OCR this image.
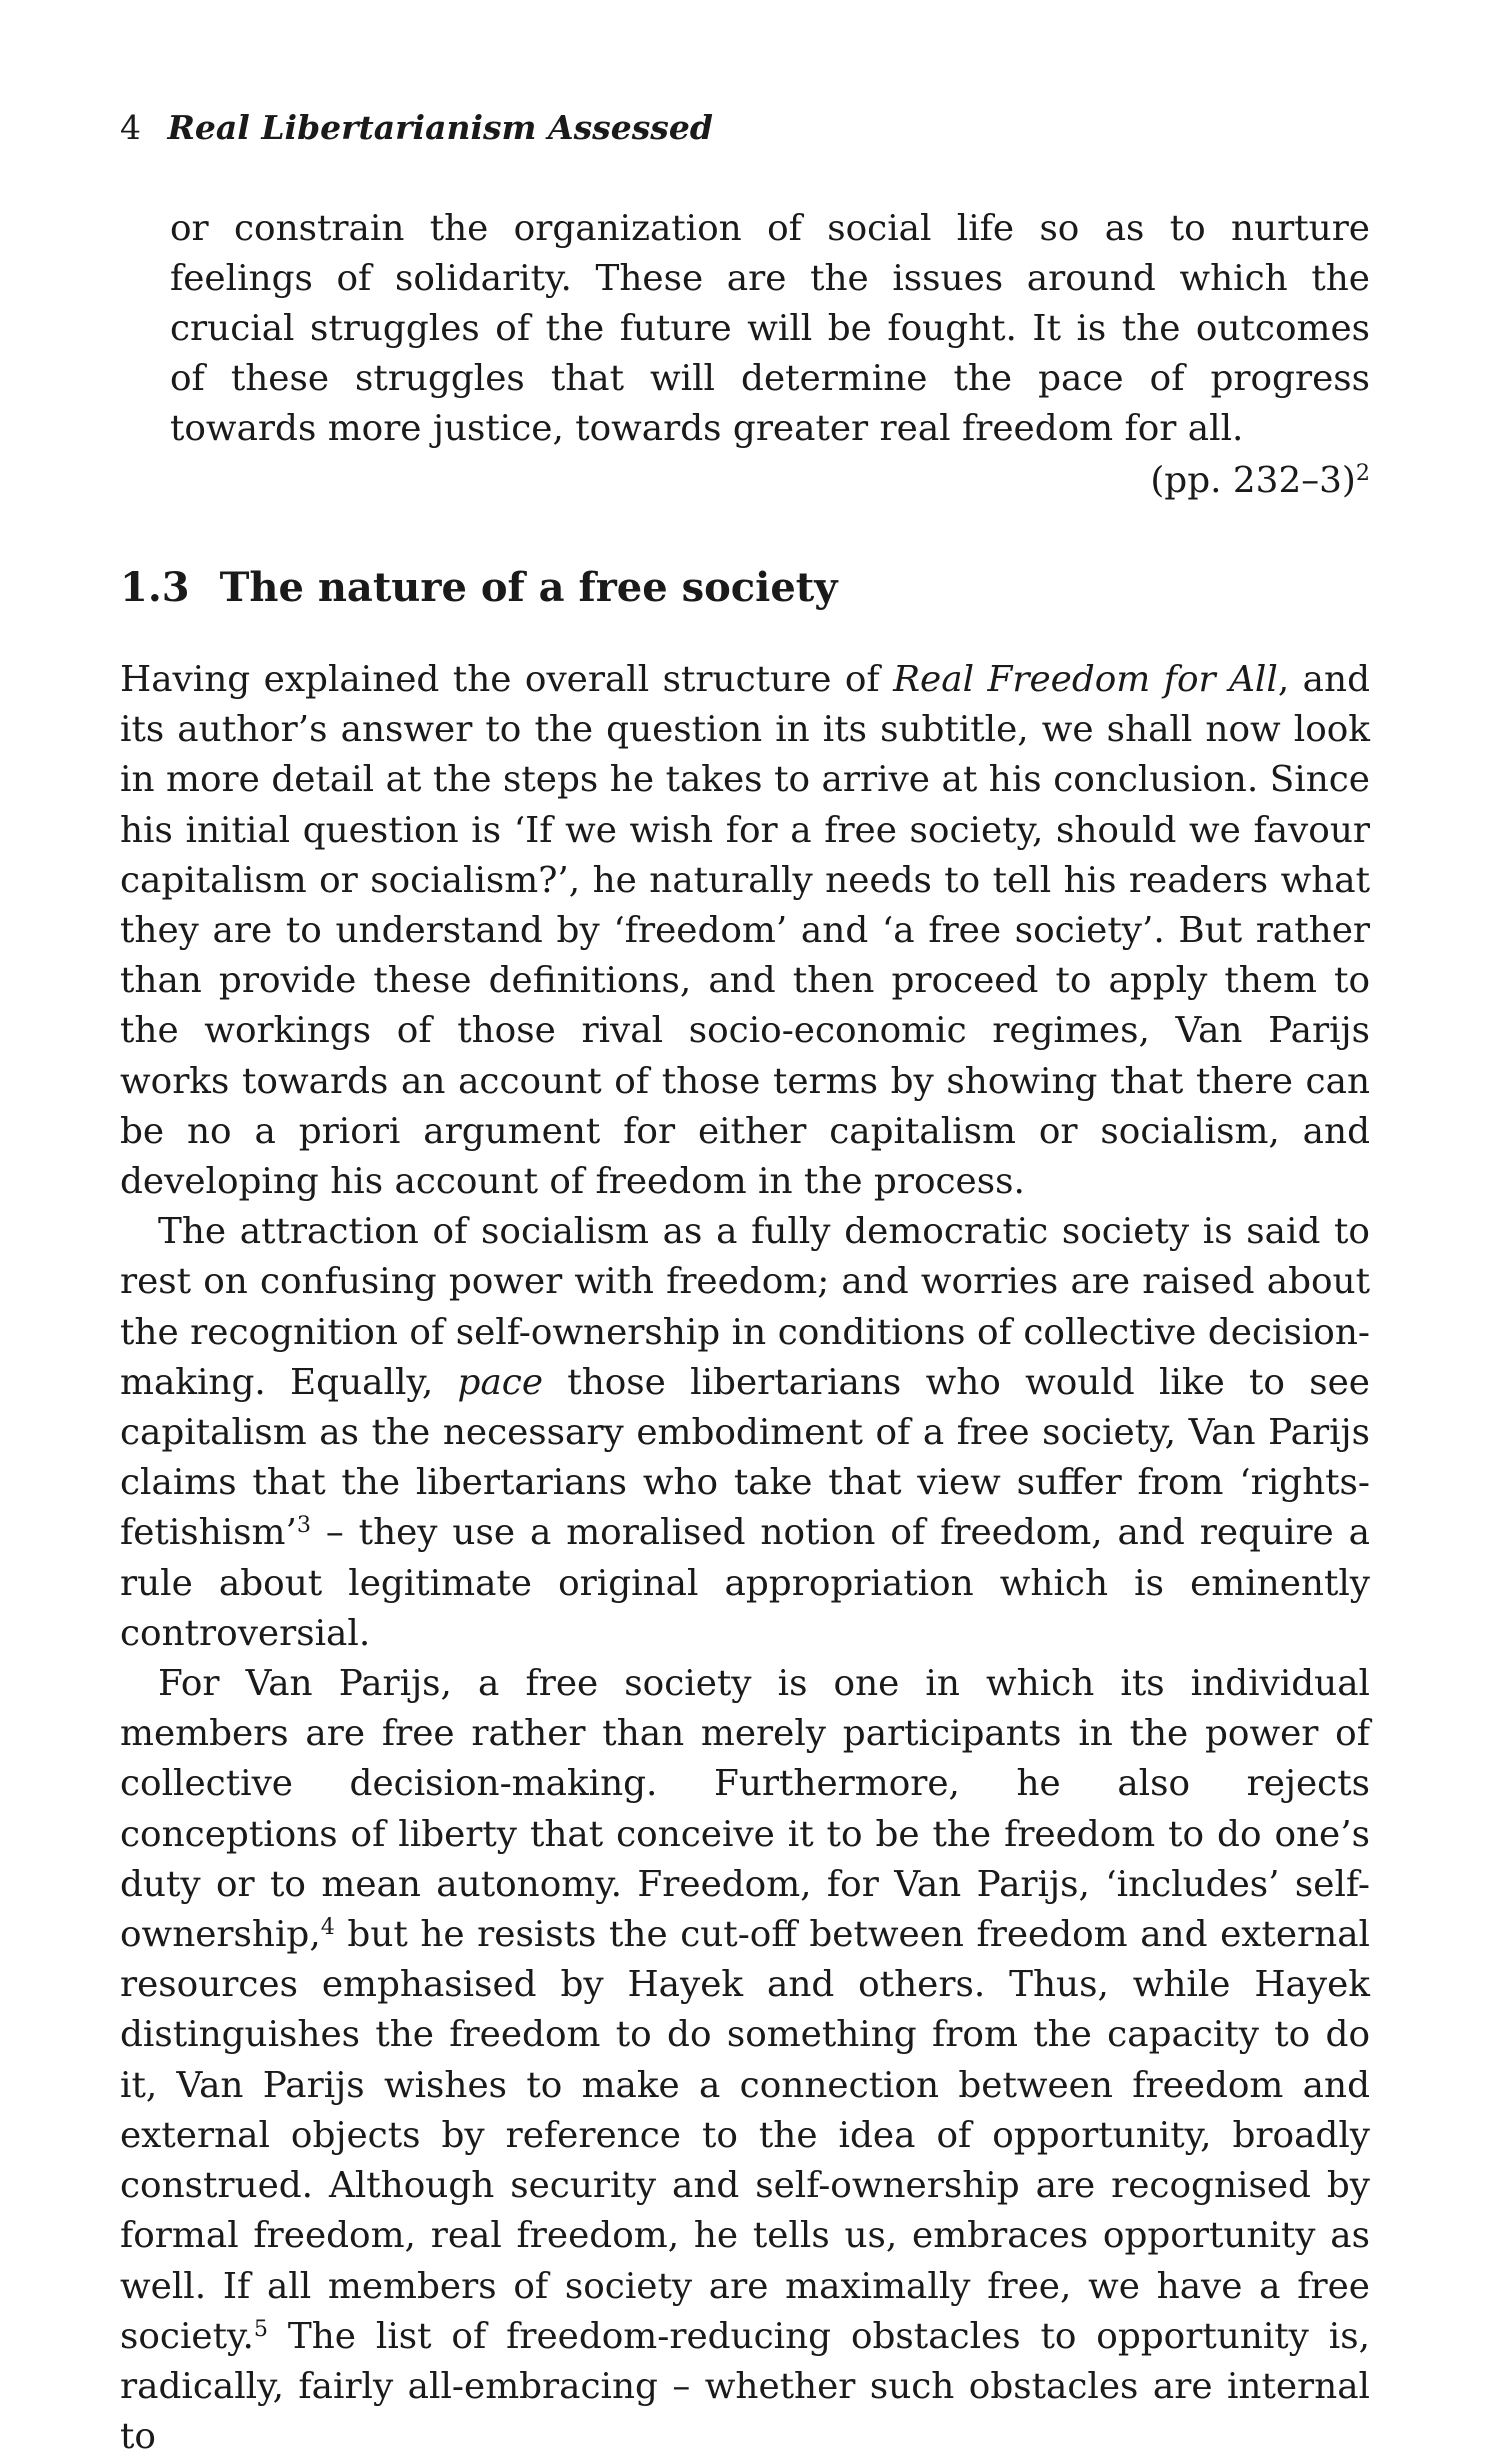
4 Real Libertarianism Assessed
or constrain the organization of social life so as to nurture feelings of solidarity. These are the issues around which the crucial struggles of the future will be fought. It is the outcomes of these struggles that will determine the pace of progress towards more justice, towards greater real freedom for all.
(pp. 232–3)$^2$
1.3 The nature of a free society

Having explained the overall structure of Real Freedom for All, and its author’s answer to the question in its subtitle, we shall now look in more detail at the steps he takes to arrive at his conclusion. Since his initial question is ‘If we wish for a free society, should we favour capitalism or socialism?’, he naturally needs to tell his readers what they are to understand by ‘freedom’ and ‘a free society’. But rather than provide these definitions, and then proceed to apply them to the workings of those rival socio-economic regimes, Van Parijs works towards an account of those terms by showing that there can be no a priori argument for either capitalism or socialism, and developing his account of freedom in the process.

The attraction of socialism as a fully democratic society is said to rest on confusing power with freedom; and worries are raised about the recognition of self-ownership in conditions of collective decision-making. Equally, pace those libertarians who would like to see capitalism as the necessary embodiment of a free society, Van Parijs claims that the libertarians who take that view suffer from ‘rights-fetishism’$^3$ – they use a moralised notion of freedom, and require a rule about legitimate original appropriation which is eminently controversial.

For Van Parijs, a free society is one in which its individual members are free rather than merely participants in the power of collective decision-making. Furthermore, he also rejects conceptions of liberty that conceive it to be the freedom to do one’s duty or to mean autonomy. Freedom, for Van Parijs, ‘includes’ self-ownership,$^4$ but he resists the cut-off between freedom and external resources emphasised by Hayek and others. Thus, while Hayek distinguishes the freedom to do something from the capacity to do it, Van Parijs wishes to make a connection between freedom and external objects by reference to the idea of opportunity, broadly construed. Although security and self-ownership are recognised by formal freedom, real freedom, he tells us, embraces opportunity as well. If all members of society are maximally free, we have a free society.$^5$ The list of freedom-reducing obstacles to opportunity is, radically, fairly all-embracing – whether such obstacles are internal to
